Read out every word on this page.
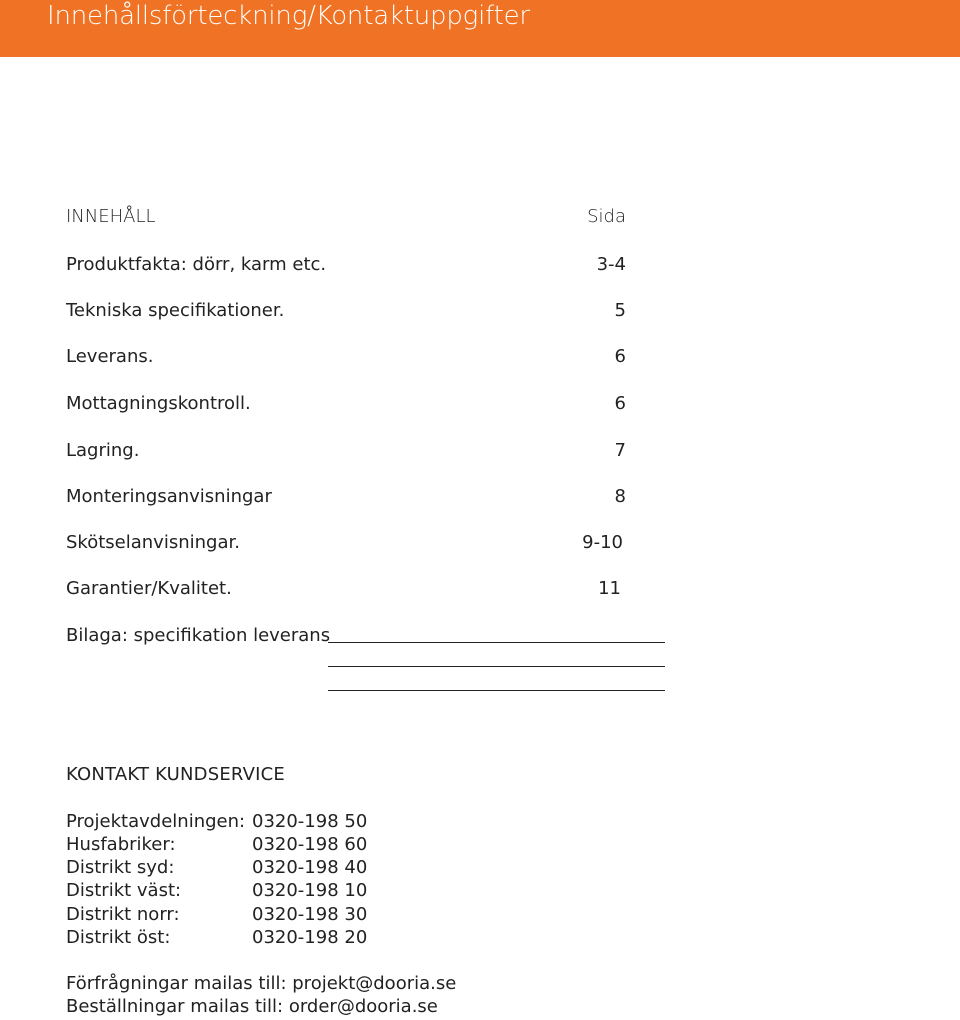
Innehållsförteckning/Kontaktuppgifter
INNEHÅLL	Sida
Produktfakta: dörr, karm etc.	3-4
Tekniska specifikationer.	5
Leverans.	6
Mottagningskontroll.	6
Lagring.	7
Monteringsanvisningar	8
Skötselanvisningar.	9-10
Garantier/Kvalitet.	11
Bilaga: specifikation leverans
KONTAKT KUNDSERVICE
Projektavdelningen: 0320-198 50
Husfabriker:	0320-198 60
Distrikt syd:	0320-198 40
Distrikt väst:	0320-198 10
Distrikt norr:	0320-198 30
Distrikt öst:	0320-198 20
Förfrågningar mailas till: projekt@dooria.se
Beställningar mailas till: order@dooria.se
